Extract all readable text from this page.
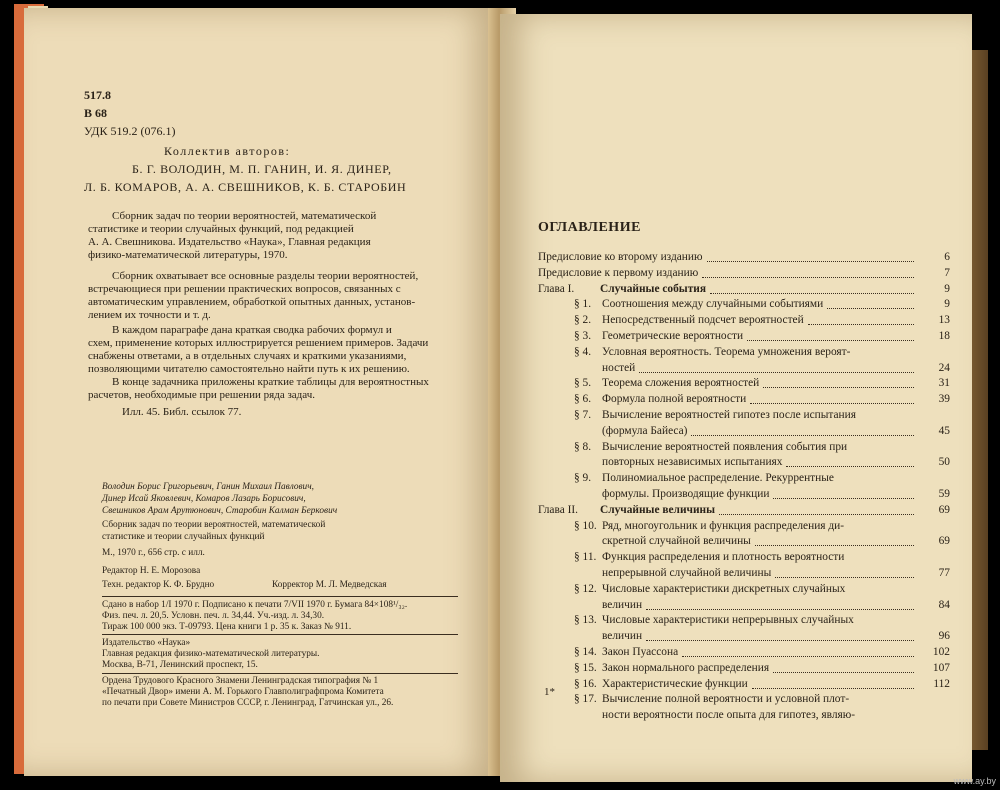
517.8
В 68
УДК 519.2 (076.1)
Коллектив авторов:
Б. Г. ВОЛОДИН, М. П. ГАНИН, И. Я. ДИНЕР,
Л. Б. КОМАРОВ, А. А. СВЕШНИКОВ, К. Б. СТАРОБИН
Сборник задач по теории вероятностей, математической
статистике и теории случайных функций, под редакцией
А. А. Свешникова. Издательство «Наука», Главная редакция
физико-математической литературы, 1970.
Сборник охватывает все основные разделы теории вероятностей,
встречающиеся при решении практических вопросов, связанных с
автоматическим управлением, обработкой опытных данных, установ-
лением их точности и т. д.
В каждом параграфе дана краткая сводка рабочих формул и
схем, применение которых иллюстрируется решением примеров. Задачи
снабжены ответами, а в отдельных случаях и краткими указаниями,
позволяющими читателю самостоятельно найти путь к их решению.
В конце задачника приложены краткие таблицы для вероятностных
расчетов, необходимые при решении ряда задач.
Илл. 45. Библ. ссылок 77.
Володин Борис Григорьевич, Ганин Михаил Павлович,
Динер Исай Яковлевич, Комаров Лазарь Борисович,
Свешников Арам Арутюнович, Старобин Калман Беркович
Сборник задач по теории вероятностей, математической
статистике и теории случайных функций
М., 1970 г., 656 стр. с илл.
Редактор Н. Е. Морозова
Техн. редактор К. Ф. Брудно	Корректор М. Л. Медведская
Сдано в набор 1/I 1970 г. Подписано к печати 7/VII 1970 г. Бумага 84×108¹/₃₂.
Физ. печ. л. 20,5. Условн. печ. л. 34,44. Уч.-изд. л. 34,30.
Тираж 100 000 экз. Т-09793. Цена книги 1 р. 35 к. Заказ № 911.
Издательство «Наука»
Главная редакция физико-математической литературы.
Москва, В-71, Ленинский проспект, 15.
Ордена Трудового Красного Знамени Ленинградская типография № 1
«Печатный Двор» имени А. М. Горького Главполиграфпрома Комитета
по печати при Совете Министров СССР, г. Ленинград, Гатчинская ул., 26.
ОГЛАВЛЕНИЕ
Предисловие ко второму изданию	6
Предисловие к первому изданию	7
Глава I. Случайные события	9
§ 1. Соотношения между случайными событиями	9
§ 2. Непосредственный подсчет вероятностей	13
§ 3. Геометрические вероятности	18
§ 4. Условная вероятность. Теорема умножения вероят-
ностей	24
§ 5. Теорема сложения вероятностей	31
§ 6. Формула полной вероятности	39
§ 7. Вычисление вероятностей гипотез после испытания
(формула Байеса)	45
§ 8. Вычисление вероятностей появления события при
повторных независимых испытаниях	50
§ 9. Полиномиальное распределение. Рекуррентные
формулы. Производящие функции	59
Глава II. Случайные величины	69
§ 10. Ряд, многоугольник и функция распределения ди-
скретной случайной величины	69
§ 11. Функция распределения и плотность вероятности
непрерывной случайной величины	77
§ 12. Числовые характеристики дискретных случайных
величин	84
§ 13. Числовые характеристики непрерывных случайных
величин	96
§ 14. Закон Пуассона	102
§ 15. Закон нормального распределения	107
§ 16. Характеристические функции	112
§ 17. Вычисление полной вероятности и условной плот-
ности вероятности после опыта для гипотез, являю-
1*
www.ay.by
